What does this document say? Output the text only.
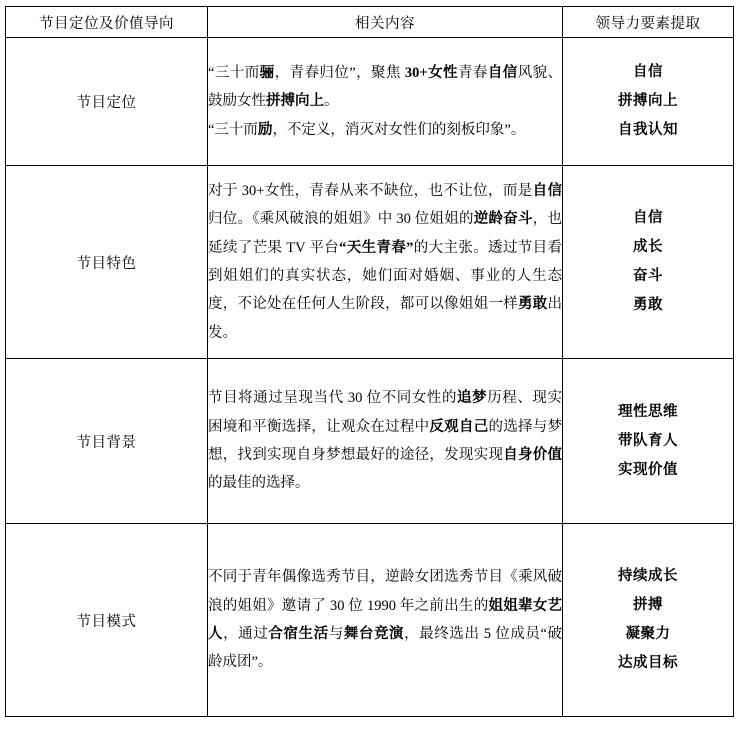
节目定位及价值导向	相关内容	领导力要素提取
节目定位	“三十而骊，青春归位”，聚焦 30+女性青春自信风貌、鼓励女性拼搏向上。
“三十而励，不定义，消灭对女性们的刻板印象”。	自信
拼搏向上
自我认知

节目特色	对于 30+女性，青春从来不缺位，也不让位，而是自信归位。《乘风破浪的姐姐》中 30 位姐姐的逆龄奋斗，也延续了芒果 TV 平台“天生青春”的大主张。透过节目看到姐姐们的真实状态，她们面对婚姻、事业的人生态度，不论处在任何人生阶段，都可以像姐姐一样勇敢出发。	自信
成长
奋斗
勇敢

节目背景	节目将通过呈现当代 30 位不同女性的追梦历程、现实困境和平衡选择，让观众在过程中反观自己的选择与梦想，找到实现自身梦想最好的途径，发现实现自身价值的最佳的选择。	理性思维
带队育人
实现价值

节目模式	不同于青年偶像选秀节目，逆龄女团选秀节目《乘风破浪的姐姐》邀请了 30 位 1990 年之前出生的姐姐辈女艺人，通过合宿生活与舞台竞演，最终选出 5 位成员“破龄成团”。	持续成长
拼搏
凝聚力
达成目标
